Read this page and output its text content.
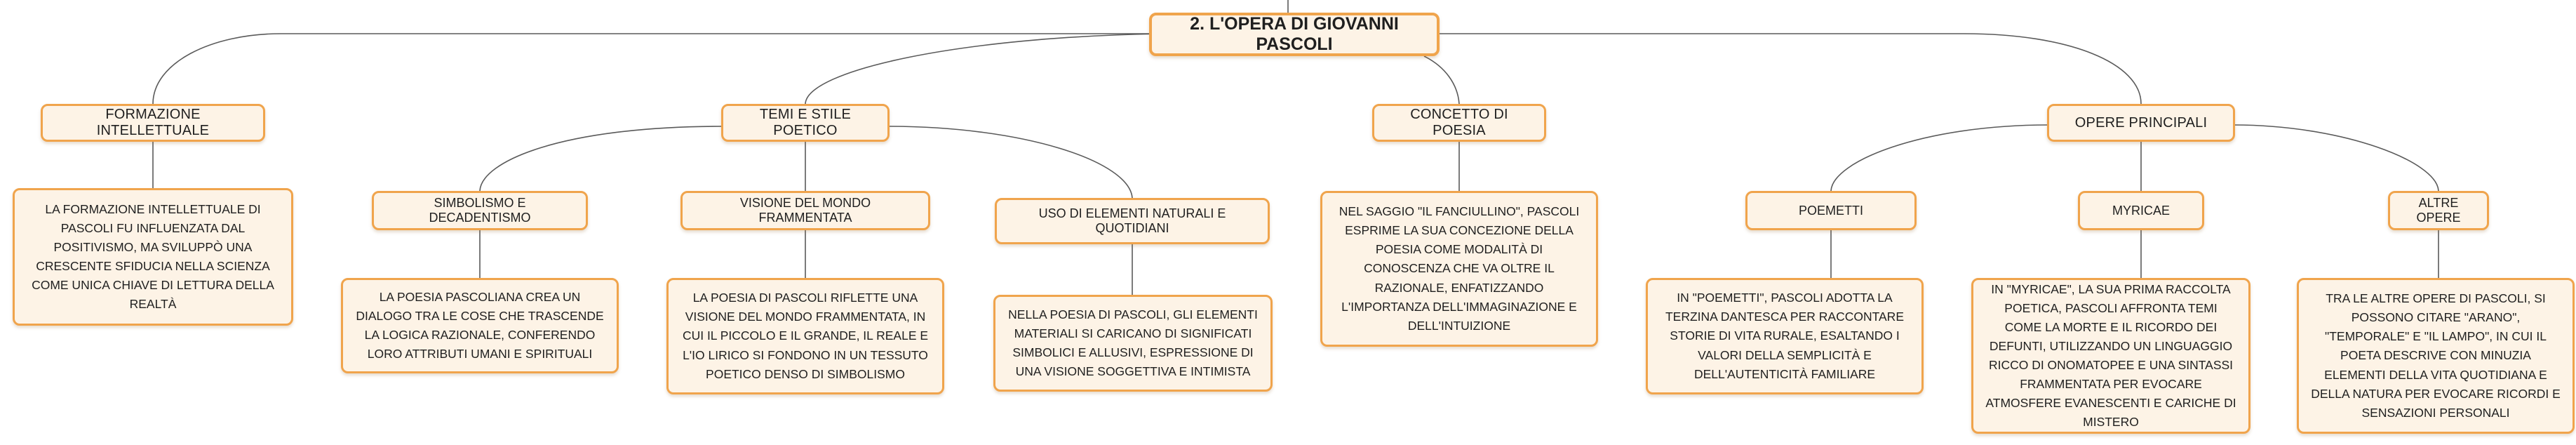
2. L'OPERA DI GIOVANNI PASCOLI
FORMAZIONE INTELLETTUALE
TEMI E STILE POETICO
CONCETTO DI POESIA
OPERE PRINCIPALI
SIMBOLISMO E DECADENTISMO
VISIONE DEL MONDO FRAMMENTATA	USO DI ELEMENTI NATURALI E QUOTIDIANI
POEMETTI	MYRICAE
ALTRE OPERE
LA FORMAZIONE INTELLETTUALE DI PASCOLI FU INFLUENZATA DAL POSITIVISMO, MA SVILUPPÒ UNA CRESCENTE SFIDUCIA NELLA SCIENZA COME UNICA CHIAVE DI LETTURA DELLA REALTÀ
LA POESIA PASCOLIANA CREA UN DIALOGO TRA LE COSE CHE TRASCENDE LA LOGICA RAZIONALE, CONFERENDO LORO ATTRIBUTI UMANI E SPIRITUALI
LA POESIA DI PASCOLI RIFLETTE UNA VISIONE DEL MONDO FRAMMENTATA, IN CUI IL PICCOLO E IL GRANDE, IL REALE E L'IO LIRICO SI FONDONO IN UN TESSUTO POETICO DENSO DI SIMBOLISMO
NELLA POESIA DI PASCOLI, GLI ELEMENTI MATERIALI SI CARICANO DI SIGNIFICATI SIMBOLICI E ALLUSIVI, ESPRESSIONE DI UNA VISIONE SOGGETTIVA E INTIMISTA
NEL SAGGIO "IL FANCIULLINO", PASCOLI ESPRIME LA SUA CONCEZIONE DELLA POESIA COME MODALITÀ DI CONOSCENZA CHE VA OLTRE IL RAZIONALE, ENFATIZZANDO L'IMPORTANZA DELL'IMMAGINAZIONE E DELL'INTUIZIONE
IN "POEMETTI", PASCOLI ADOTTA LA TERZINA DANTESCA PER RACCONTARE STORIE DI VITA RURALE, ESALTANDO I VALORI DELLA SEMPLICITÀ E DELL'AUTENTICITÀ FAMILIARE
IN "MYRICAE", LA SUA PRIMA RACCOLTA POETICA, PASCOLI AFFRONTA TEMI COME LA MORTE E IL RICORDO DEI DEFUNTI, UTILIZZANDO UN LINGUAGGIO RICCO DI ONOMATOPEE E UNA SINTASSI FRAMMENTATA PER EVOCARE ATMOSFERE EVANESCENTI E CARICHE DI MISTERO
TRA LE ALTRE OPERE DI PASCOLI, SI POSSONO CITARE "ARANO", "TEMPORALE" E "IL LAMPO", IN CUI IL POETA DESCRIVE CON MINUZIA ELEMENTI DELLA VITA QUOTIDIANA E DELLA NATURA PER EVOCARE RICORDI E SENSAZIONI PERSONALI
